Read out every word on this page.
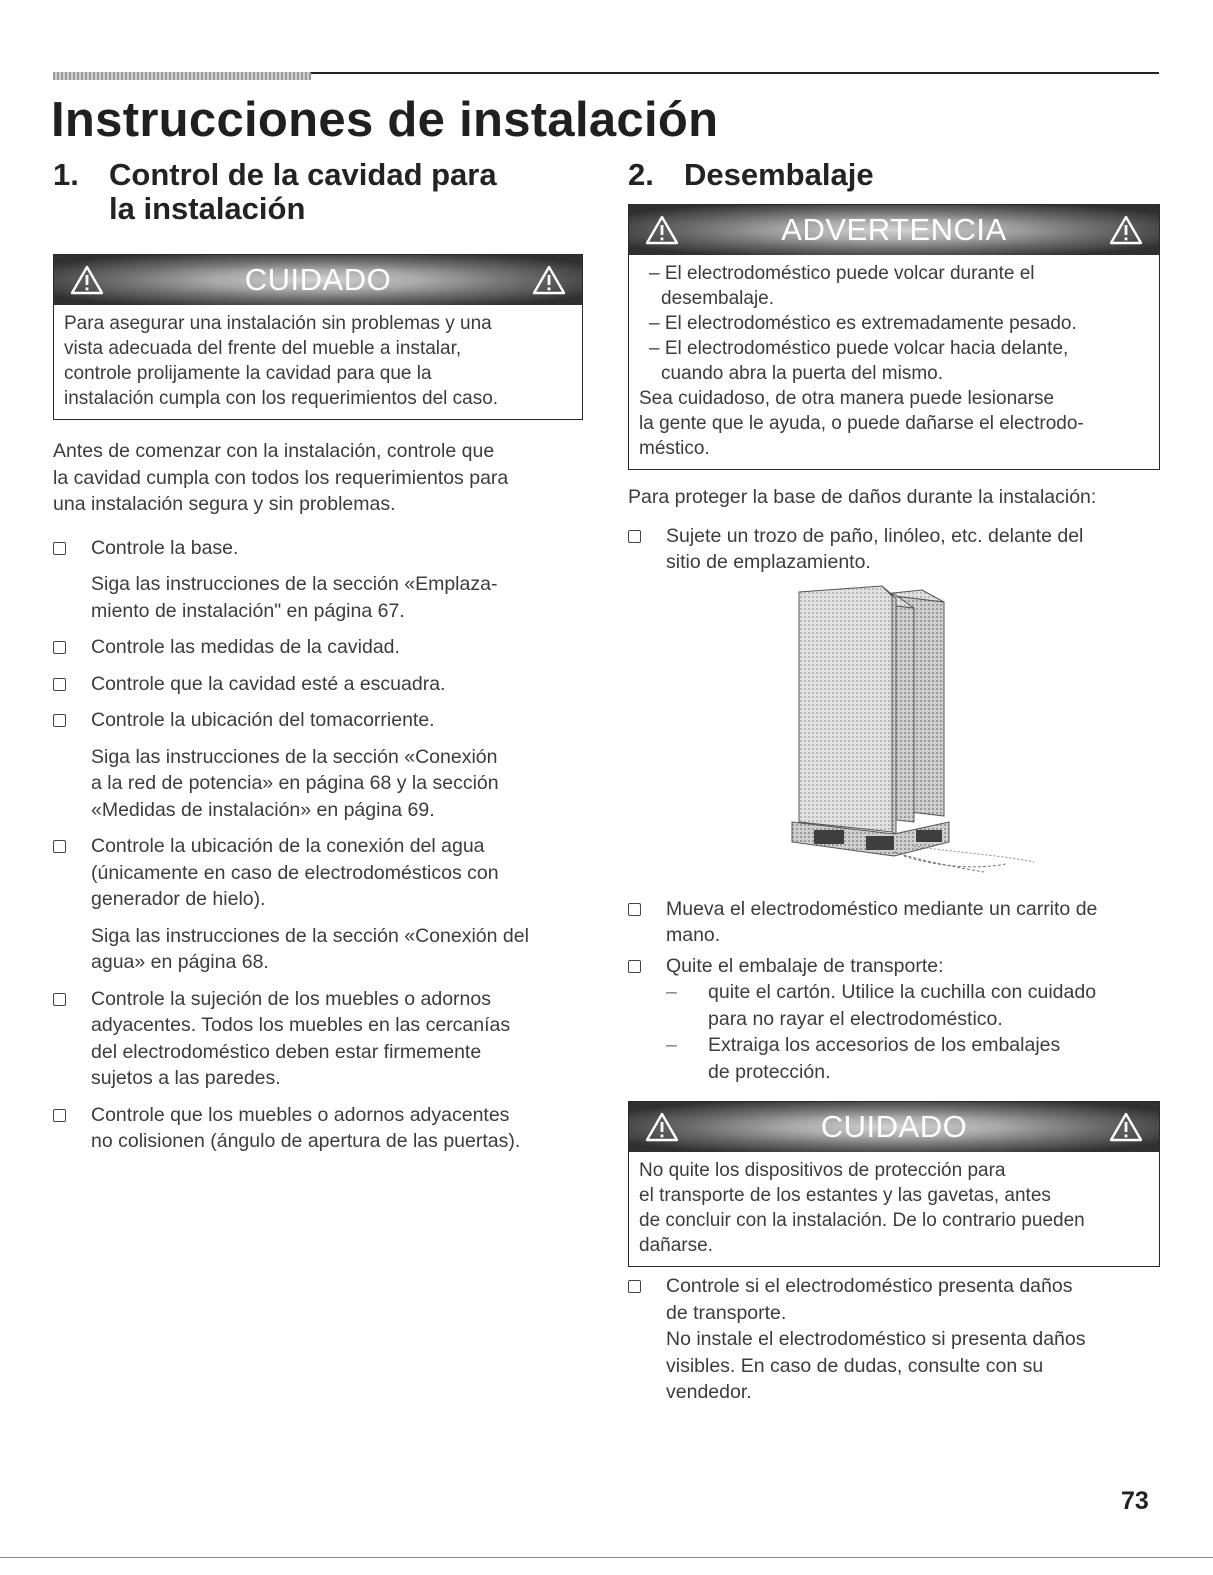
Instrucciones de instalación
1. Control de la cavidad para
la instalación
CUIDADO
Para asegurar una instalación sin problemas y una
vista adecuada del frente del mueble a instalar,
controle prolijamente la cavidad para que la
instalación cumpla con los requerimientos del caso.
Antes de comenzar con la instalación, controle que
la cavidad cumpla con todos los requerimientos para
una instalación segura y sin problemas.
Controle la base.
Siga las instrucciones de la sección «Emplaza-
miento de instalación" en página 67.
Controle las medidas de la cavidad.
Controle que la cavidad esté a escuadra.
Controle la ubicación del tomacorriente.
Siga las instrucciones de la sección «Conexión
a la red de potencia» en página 68 y la sección
«Medidas de instalación» en página 69.
Controle la ubicación de la conexión del agua
(únicamente en caso de electrodomésticos con
generador de hielo).
Siga las instrucciones de la sección «Conexión del
agua» en página 68.
Controle la sujeción de los muebles o adornos
adyacentes. Todos los muebles en las cercanías
del electrodoméstico deben estar firmemente
sujetos a las paredes.
Controle que los muebles o adornos adyacentes
no colisionen (ángulo de apertura de las puertas).
2. Desembalaje
ADVERTENCIA
– El electrodoméstico puede volcar durante el
desembalaje.
– El electrodoméstico es extremadamente pesado.
– El electrodoméstico puede volcar hacia delante,
cuando abra la puerta del mismo.
Sea cuidadoso, de otra manera puede lesionarse
la gente que le ayuda, o puede dañarse el electrodo-
méstico.
Para proteger la base de daños durante la instalación:
Sujete un trozo de paño, linóleo, etc. delante del
sitio de emplazamiento.
Mueva el electrodoméstico mediante un carrito de
mano.
Quite el embalaje de transporte:
–	quite el cartón. Utilice la cuchilla con cuidado
para no rayar el electrodoméstico.
–	Extraiga los accesorios de los embalajes
de protección.
CUIDADO
No quite los dispositivos de protección para
el transporte de los estantes y las gavetas, antes
de concluir con la instalación. De lo contrario pueden
dañarse.
Controle si el electrodoméstico presenta daños
de transporte.
No instale el electrodoméstico si presenta daños
visibles. En caso de dudas, consulte con su
vendedor.
73
